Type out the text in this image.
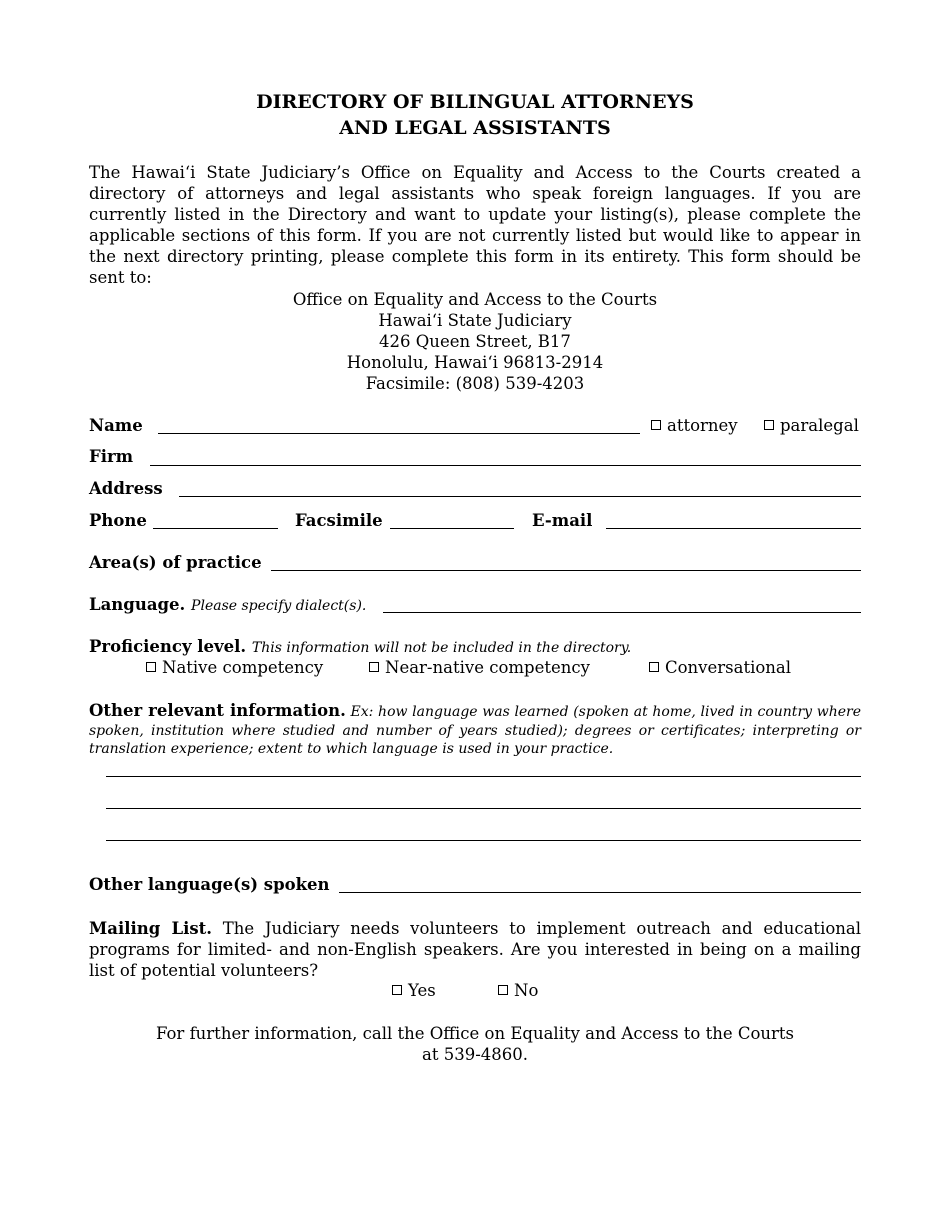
DIRECTORY OF BILINGUAL ATTORNEYS
AND LEGAL ASSISTANTS
The Hawai‘i State Judiciary’s Office on Equality and Access to the Courts created a directory of attorneys and legal assistants who speak foreign languages. If you are currently listed in the Directory and want to update your listing(s), please complete the applicable sections of this form. If you are not currently listed but would like to appear in the next directory printing, please complete this form in its entirety. This form should be sent to:
Office on Equality and Access to the Courts
Hawai‘i State Judiciary
426 Queen Street, B17
Honolulu, Hawai‘i 96813-2914
Facsimile: (808) 539-4203
Name	attorney	paralegal
Firm
Address
Phone	Facsimile	E-mail
Area(s) of practice
Language. Please specify dialect(s).
Proficiency level. This information will not be included in the directory.
Native competency	Near-native competency	Conversational
Other relevant information. Ex: how language was learned (spoken at home, lived in country where spoken, institution where studied and number of years studied); degrees or certificates; interpreting or translation experience; extent to which language is used in your practice.
Other language(s) spoken
Mailing List. The Judiciary needs volunteers to implement outreach and educational programs for limited- and non-English speakers. Are you interested in being on a mailing list of potential volunteers?
Yes	No
For further information, call the Office on Equality and Access to the Courts
at 539-4860.
